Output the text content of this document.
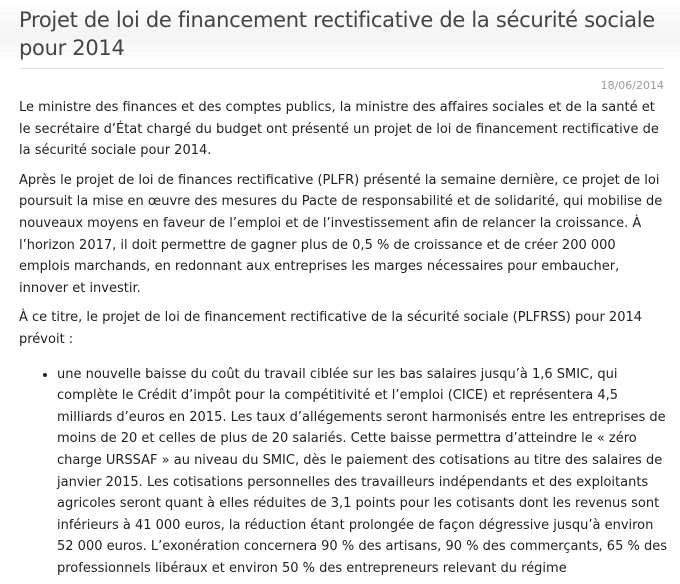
Projet de loi de financement rectificative de la sécurité sociale pour 2014
18/06/2014

Le ministre des finances et des comptes publics, la ministre des affaires sociales et de la santé et le secrétaire d’État chargé du budget ont présenté un projet de loi de financement rectificative de la sécurité sociale pour 2014.

Après le projet de loi de finances rectificative (PLFR) présenté la semaine dernière, ce projet de loi poursuit la mise en œuvre des mesures du Pacte de responsabilité et de solidarité, qui mobilise de nouveaux moyens en faveur de l’emploi et de l’investissement afin de relancer la croissance. À l’horizon 2017, il doit permettre de gagner plus de 0,5 % de croissance et de créer 200 000 emplois marchands, en redonnant aux entreprises les marges nécessaires pour embaucher, innover et investir.

À ce titre, le projet de loi de financement rectificative de la sécurité sociale (PLFRSS) pour 2014 prévoit :

• une nouvelle baisse du coût du travail ciblée sur les bas salaires jusqu’à 1,6 SMIC, qui complète le Crédit d’impôt pour la compétitivité et l’emploi (CICE) et représentera 4,5 milliards d’euros en 2015. Les taux d’allégements seront harmonisés entre les entreprises de moins de 20 et celles de plus de 20 salariés. Cette baisse permettra d’atteindre le « zéro charge URSSAF » au niveau du SMIC, dès le paiement des cotisations au titre des salaires de janvier 2015. Les cotisations personnelles des travailleurs indépendants et des exploitants agricoles seront quant à elles réduites de 3,1 points pour les cotisants dont les revenus sont inférieurs à 41 000 euros, la réduction étant prolongée de façon dégressive jusqu’à environ 52 000 euros. L’exonération concernera 90 % des artisans, 90 % des commerçants, 65 % des professionnels libéraux et environ 50 % des entrepreneurs relevant du régime
